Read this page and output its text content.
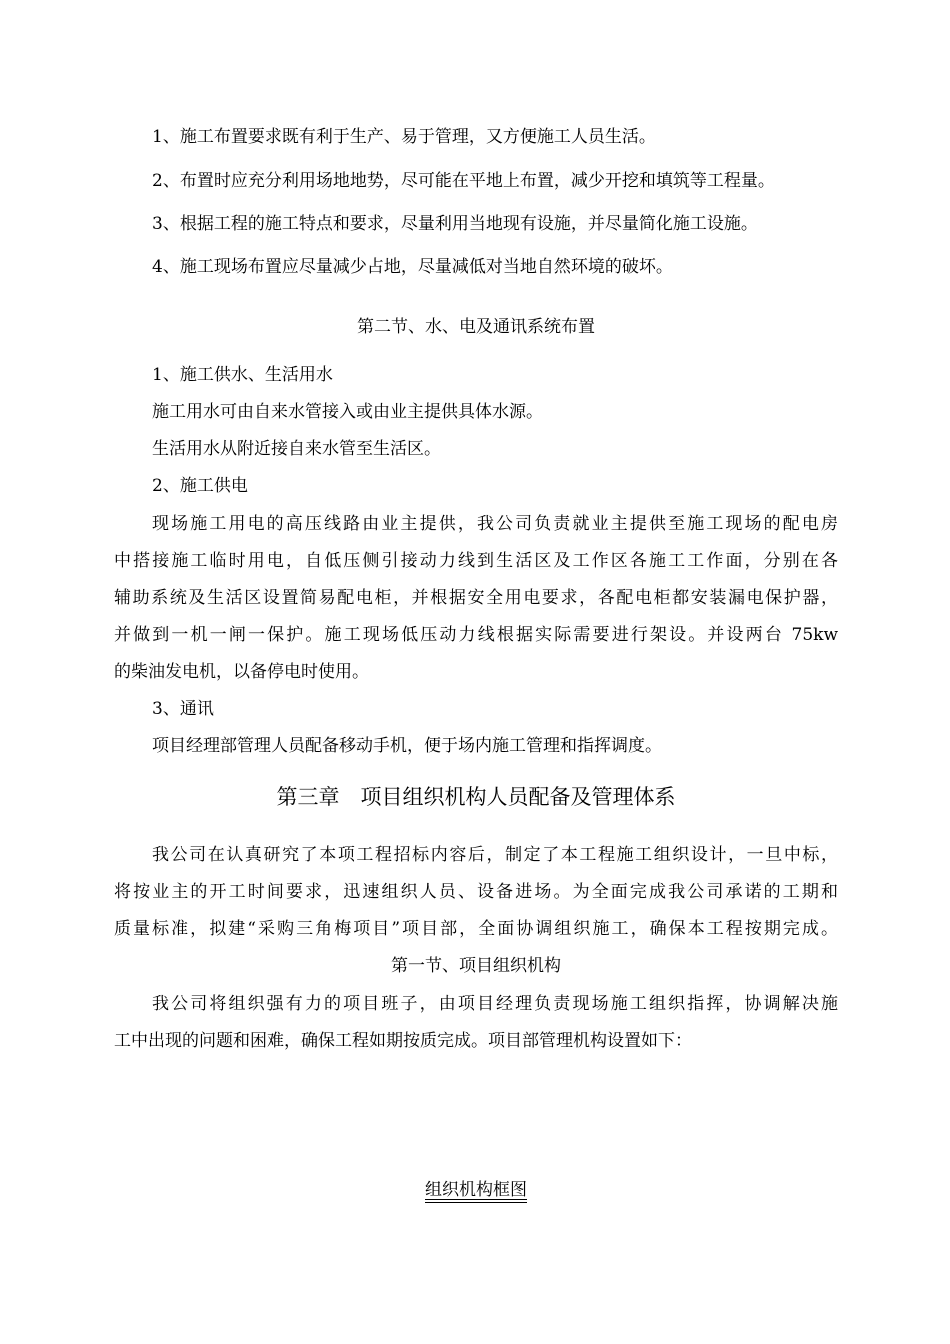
1、施工布置要求既有利于生产、易于管理，又方便施工人员生活。
2、布置时应充分利用场地地势，尽可能在平地上布置，减少开挖和填筑等工程量。
3、根据工程的施工特点和要求，尽量利用当地现有设施，并尽量简化施工设施。
4、施工现场布置应尽量减少占地，尽量减低对当地自然环境的破坏。
第二节、水、电及通讯系统布置
1、施工供水、生活用水
施工用水可由自来水管接入或由业主提供具体水源。
生活用水从附近接自来水管至生活区。
2、施工供电
现场施工用电的高压线路由业主提供，我公司负责就业主提供至施工现场的配电房
中搭接施工临时用电，自低压侧引接动力线到生活区及工作区各施工工作面，分别在各
辅助系统及生活区设置简易配电柜，并根据安全用电要求，各配电柜都安装漏电保护器，
并做到一机一闸一保护。施工现场低压动力线根据实际需要进行架设。并设两台 75kw
的柴油发电机，以备停电时使用。
3、通讯
项目经理部管理人员配备移动手机，便于场内施工管理和指挥调度。
第三章　项目组织机构人员配备及管理体系
我公司在认真研究了本项工程招标内容后，制定了本工程施工组织设计，一旦中标，
将按业主的开工时间要求，迅速组织人员、设备进场。为全面完成我公司承诺的工期和
质量标准，拟建“采购三角梅项目”项目部，全面协调组织施工，确保本工程按期完成。
第一节、项目组织机构
我公司将组织强有力的项目班子，由项目经理负责现场施工组织指挥，协调解决施
工中出现的问题和困难，确保工程如期按质完成。项目部管理机构设置如下：
组织机构框图
